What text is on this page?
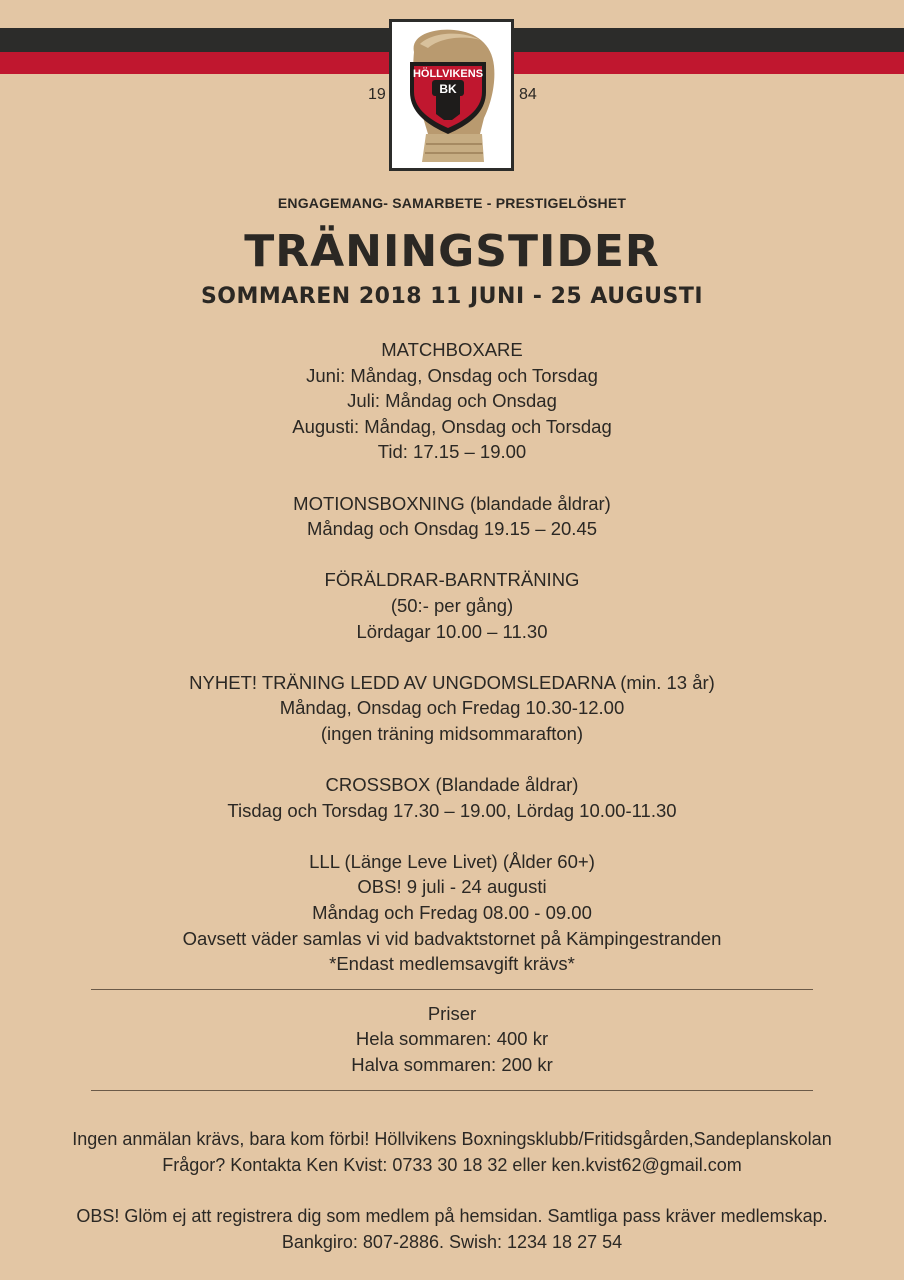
19	84
HÖLLVIKENS
BK
ENGAGEMANG- SAMARBETE - PRESTIGELÖSHET
TRÄNINGSTIDER
SOMMAREN 2018 11 JUNI - 25 AUGUSTI
MATCHBOXARE
Juni: Måndag, Onsdag och Torsdag
Juli: Måndag och Onsdag
Augusti: Måndag, Onsdag och Torsdag
Tid: 17.15 – 19.00
MOTIONSBOXNING (blandade åldrar)
Måndag och Onsdag 19.15 – 20.45
FÖRÄLDRAR-BARNTRÄNING
(50:- per gång)
Lördagar 10.00 – 11.30
NYHET! TRÄNING LEDD AV UNGDOMSLEDARNA (min. 13 år)
Måndag, Onsdag och Fredag 10.30-12.00
(ingen träning midsommarafton)
CROSSBOX (Blandade åldrar)
Tisdag och Torsdag 17.30 – 19.00, Lördag 10.00-11.30
LLL (Länge Leve Livet) (Ålder 60+)
OBS! 9 juli - 24 augusti
Måndag och Fredag 08.00 - 09.00
Oavsett väder samlas vi vid badvaktstornet på Kämpingestranden
*Endast medlemsavgift krävs*
Priser
Hela sommaren: 400 kr
Halva sommaren: 200 kr
Ingen anmälan krävs, bara kom förbi! Höllvikens Boxningsklubb/Fritidsgården,Sandeplanskolan
Frågor? Kontakta Ken Kvist: 0733 30 18 32 eller ken.kvist62@gmail.com
OBS! Glöm ej att registrera dig som medlem på hemsidan. Samtliga pass kräver medlemskap.
Bankgiro: 807-2886. Swish: 1234 18 27 54
